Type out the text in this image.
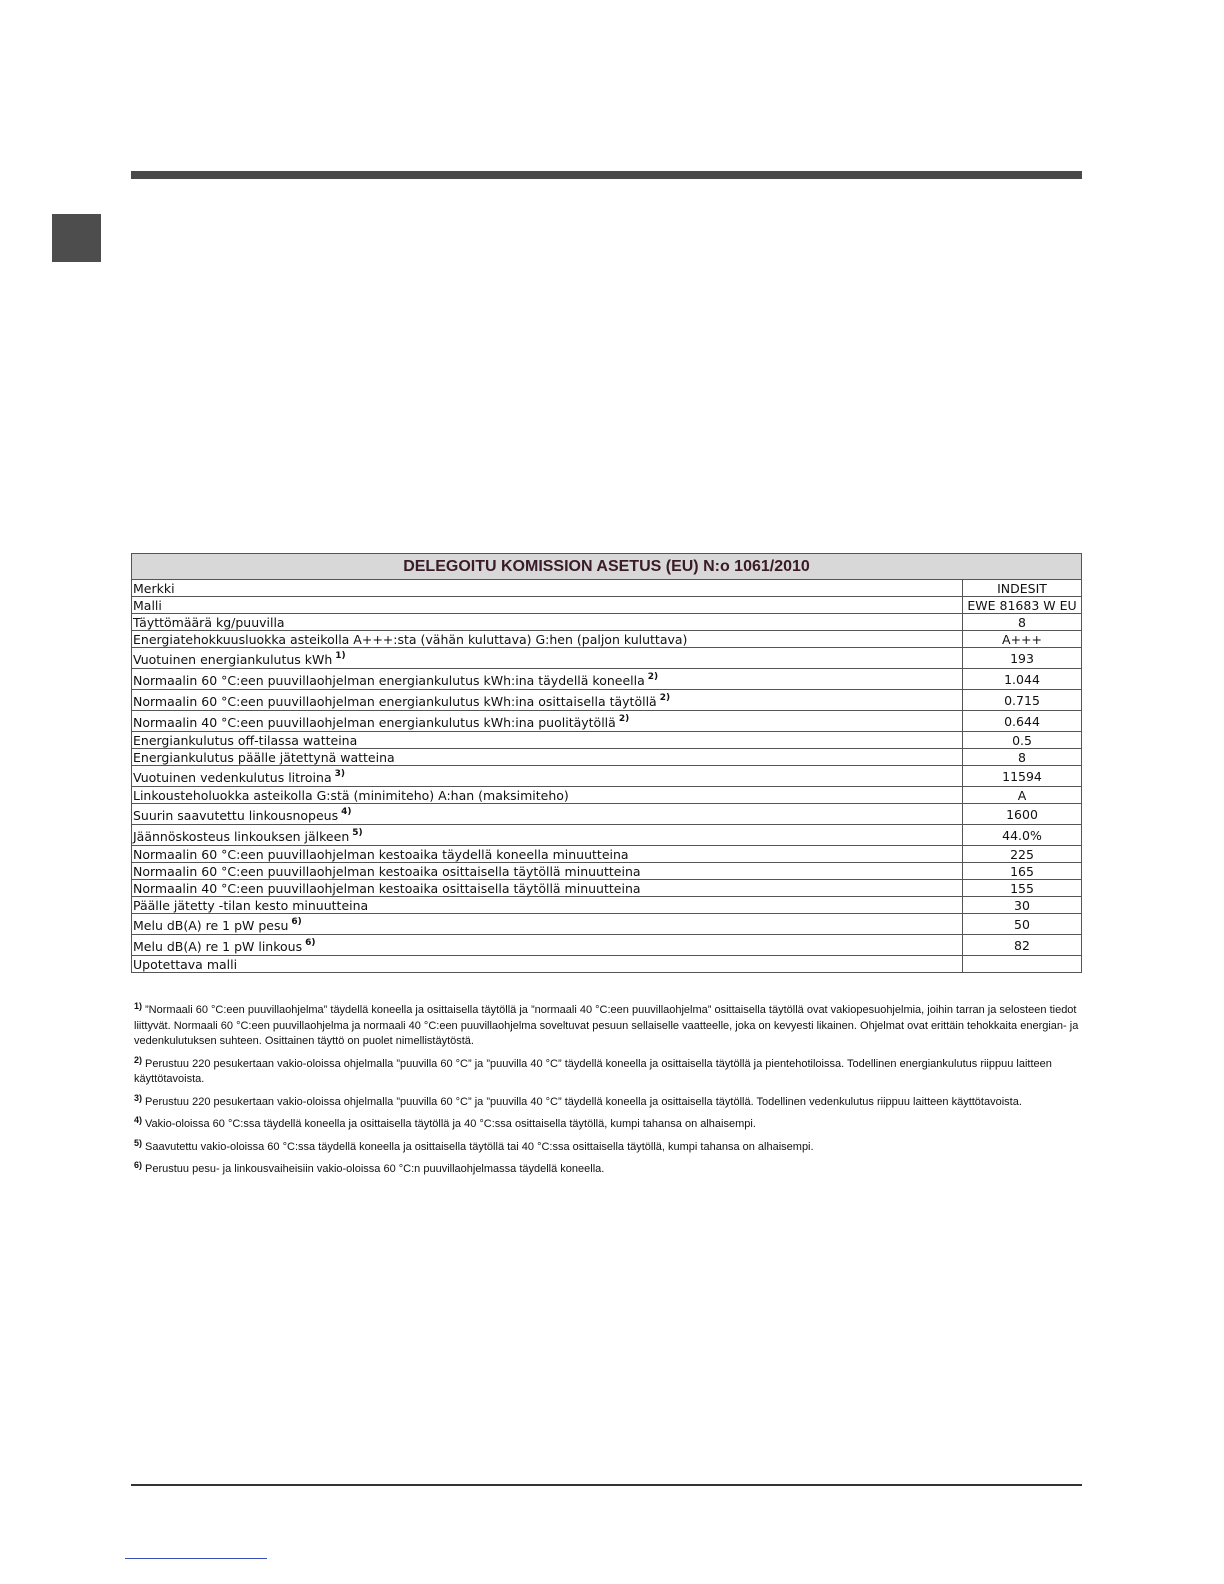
DELEGOITU KOMISSION ASETUS (EU) N:o 1061/2010	
Merkki	INDESIT
Malli	EWE 81683 W EU
Täyttömäärä kg/puuvilla	8
Energiatehokkuusluokka asteikolla A+++:sta (vähän kuluttava) G:hen (paljon kuluttava)	A+++
Vuotuinen energiankulutus kWh $^{1)}$	193
Normaalin 60 °C:een puuvillaohjelman energiankulutus kWh:ina täydellä koneella $^{2)}$	1.044
Normaalin 60 °C:een puuvillaohjelman energiankulutus kWh:ina osittaisella täytöllä $^{2)}$	0.715
Normaalin 40 °C:een puuvillaohjelman energiankulutus kWh:ina puolitäytöllä $^{2)}$	0.644
Energiankulutus off-tilassa watteina	0.5
Energiankulutus päälle jätettynä watteina	8
Vuotuinen vedenkulutus litroina $^{3)}$	11594
Linkousteholuokka asteikolla G:stä (minimiteho) A:han (maksimiteho)	A
Suurin saavutettu linkousnopeus $^{4)}$	1600
Jäännöskosteus linkouksen jälkeen $^{5)}$	44.0%
Normaalin 60 °C:een puuvillaohjelman kestoaika täydellä koneella minuutteina	225
Normaalin 60 °C:een puuvillaohjelman kestoaika osittaisella täytöllä minuutteina	165
Normaalin 40 °C:een puuvillaohjelman kestoaika osittaisella täytöllä minuutteina	155
Päälle jätetty -tilan kesto minuutteina	30
Melu dB(A) re 1 pW pesu $^{6)}$	50
Melu dB(A) re 1 pW linkous $^{6)}$	82
Upotettava malli	

$^{1)}$ ”Normaali 60 °C:een puuvillaohjelma” täydellä koneella ja osittaisella täytöllä ja ”normaali 40 °C:een puuvillaohjelma” osittaisella täytöllä ovat vakiopesuohjelmia, joihin tarran ja selosteen tiedot liittyvät. Normaali 60 °C:een puuvillaohjelma ja normaali 40 °C:een puuvillaohjelma soveltuvat pesuun sellaiselle vaatteelle, joka on kevyesti likainen. Ohjelmat ovat erittäin tehokkaita energian- ja vedenkulutuksen suhteen. Osittainen täyttö on puolet nimellistäytöstä.

$^{2)}$ Perustuu 220 pesukertaan vakio-oloissa ohjelmalla ”puuvilla 60 °C” ja ”puuvilla 40 °C” täydellä koneella ja osittaisella täytöllä ja pientehotiloissa. Todellinen energiankulutus riippuu laitteen käyttötavoista.

$^{3)}$ Perustuu 220 pesukertaan vakio-oloissa ohjelmalla ”puuvilla 60 °C” ja ”puuvilla 40 °C” täydellä koneella ja osittaisella täytöllä. Todellinen vedenkulutus riippuu laitteen käyttötavoista.

$^{4)}$ Vakio-oloissa 60 °C:ssa täydellä koneella ja osittaisella täytöllä ja 40 °C:ssa osittaisella täytöllä, kumpi tahansa on alhaisempi.

$^{5)}$ Saavutettu vakio-oloissa 60 °C:ssa täydellä koneella ja osittaisella täytöllä tai 40 °C:ssa osittaisella täytöllä, kumpi tahansa on alhaisempi.

$^{6)}$ Perustuu pesu- ja linkousvaiheisiin vakio-oloissa 60 °C:n puuvillaohjelmassa täydellä koneella.
